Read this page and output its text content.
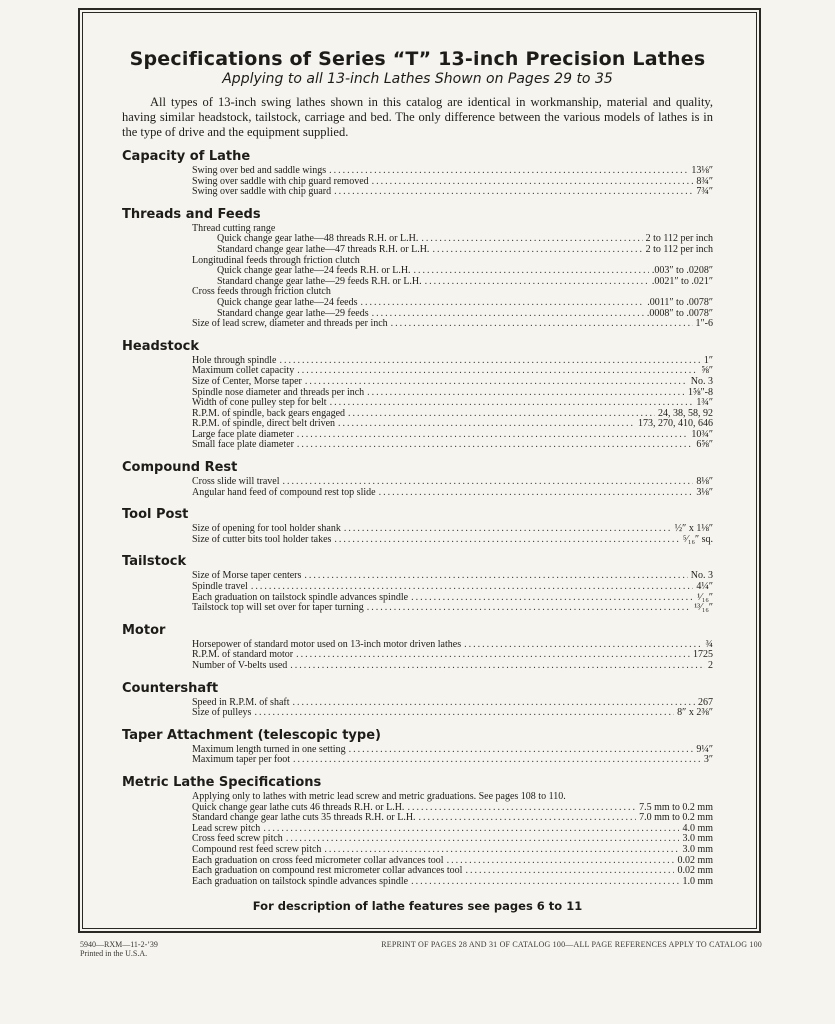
Specifications of Series “T” 13-inch Precision Lathes
Applying to all 13-inch Lathes Shown on Pages 29 to 35

All types of 13-inch swing lathes shown in this catalog are identical in workmanship, material and quality, having similar headstock, tailstock, carriage and bed. The only difference between the various models of lathes is in the type of drive and the equipment supplied.

Capacity of Lathe
Swing over bed and saddle wings .....	13⅛″
Swing over saddle with chip guard removed .....	8¾″
Swing over saddle with chip guard .....	7¾″
Threads and Feeds
Thread cutting range
Quick change gear lathe—48 threads R.H. or L.H. .....	2 to 112 per inch
Standard change gear lathe—47 threads R.H. or L.H. .....	2 to 112 per inch
Longitudinal feeds through friction clutch
Quick change gear lathe—24 feeds R.H. or L.H. .....	.003″ to .0208″
Standard change gear lathe—29 feeds R.H. or L.H. .....	.0021″ to .021″
Cross feeds through friction clutch
Quick change gear lathe—24 feeds .....	.0011″ to .0078″
Standard change gear lathe—29 feeds .....	.0008″ to .0078″
Size of lead screw, diameter and threads per inch .....	1″-6
Headstock
Hole through spindle .....	1″
Maximum collet capacity .....	⅝″
Size of Center, Morse taper .....	No. 3
Spindle nose diameter and threads per inch .....	1⅝″-8
Width of cone pulley step for belt .....	1¾″
R.P.M. of spindle, back gears engaged .....	24, 38, 58, 92
R.P.M. of spindle, direct belt driven .....	173, 270, 410, 646
Large face plate diameter .....	10¾″
Small face plate diameter .....	6⅝″
Compound Rest
Cross slide will travel .....	8⅛″
Angular hand feed of compound rest top slide .....	3⅛″
Tool Post
Size of opening for tool holder shank .....	½″ x 1⅛″
Size of cutter bits tool holder takes .....	⁵⁄₁₆″ sq.
Tailstock
Size of Morse taper centers .....	No. 3
Spindle travel .....	4¼″
Each graduation on tailstock spindle advances spindle .....	¹⁄₁₆″
Tailstock top will set over for taper turning .....	¹³⁄₁₆″
Motor
Horsepower of standard motor used on 13-inch motor driven lathes .....	¾
R.P.M. of standard motor .....	1725
Number of V-belts used .....	2
Countershaft
Speed in R.P.M. of shaft .....	267
Size of pulleys .....	8″ x 2⅜″
Taper Attachment (telescopic type)
Maximum length turned in one setting .....	9¼″
Maximum taper per foot .....	3″
Metric Lathe Specifications
Applying only to lathes with metric lead screw and metric graduations. See pages 108 to 110.
Quick change gear lathe cuts 46 threads R.H. or L.H. .....	7.5 mm to 0.2 mm
Standard change gear lathe cuts 35 threads R.H. or L.H. .....	7.0 mm to 0.2 mm
Lead screw pitch .....	4.0 mm
Cross feed screw pitch .....	3.0 mm
Compound rest feed screw pitch .....	3.0 mm
Each graduation on cross feed micrometer collar advances tool .....	0.02 mm
Each graduation on compound rest micrometer collar advances tool .....	0.02 mm
Each graduation on tailstock spindle advances spindle .....	1.0 mm
For description of lathe features see pages 6 to 11
5940—RXM—11-2-’39
Printed in the U.S.A.
REPRINT OF PAGES 28 AND 31 OF CATALOG 100—ALL PAGE REFERENCES APPLY TO CATALOG 100
